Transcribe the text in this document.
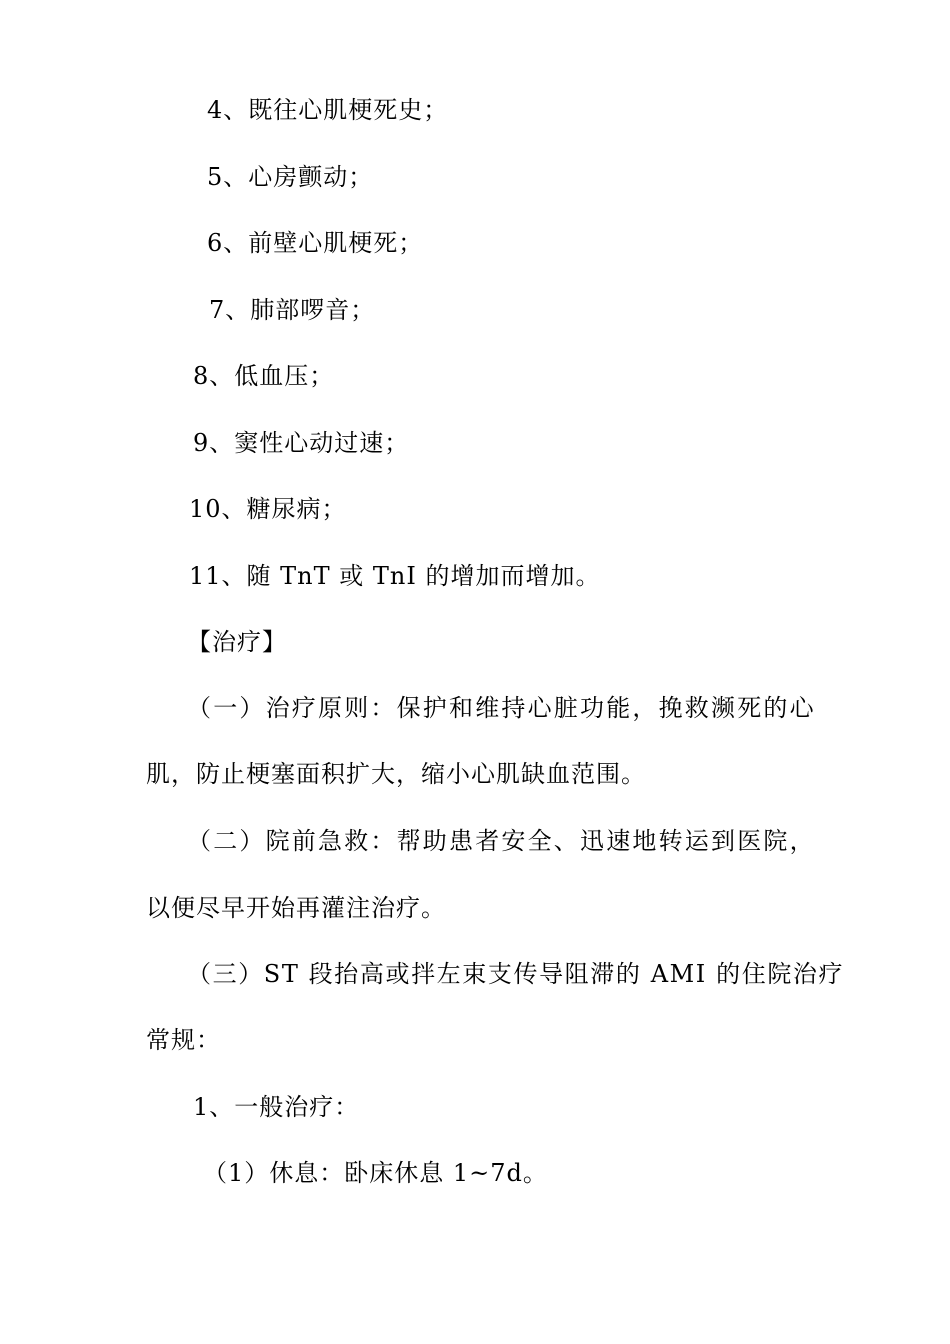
4、既往心肌梗死史；
5、心房颤动；
6、前壁心肌梗死；
7、肺部啰音；
8、低血压；
9、窦性心动过速；
10、糖尿病；
11、随 TnT 或 TnI 的增加而增加。
【治疗】
（一）治疗原则：保护和维持心脏功能，挽救濒死的心
肌，防止梗塞面积扩大，缩小心肌缺血范围。
（二）院前急救：帮助患者安全、迅速地转运到医院，
以便尽早开始再灌注治疗。
（三）ST 段抬高或拌左束支传导阻滞的 AMI 的住院治疗
常规：
1、一般治疗：
（1）休息：卧床休息 1~7d。
